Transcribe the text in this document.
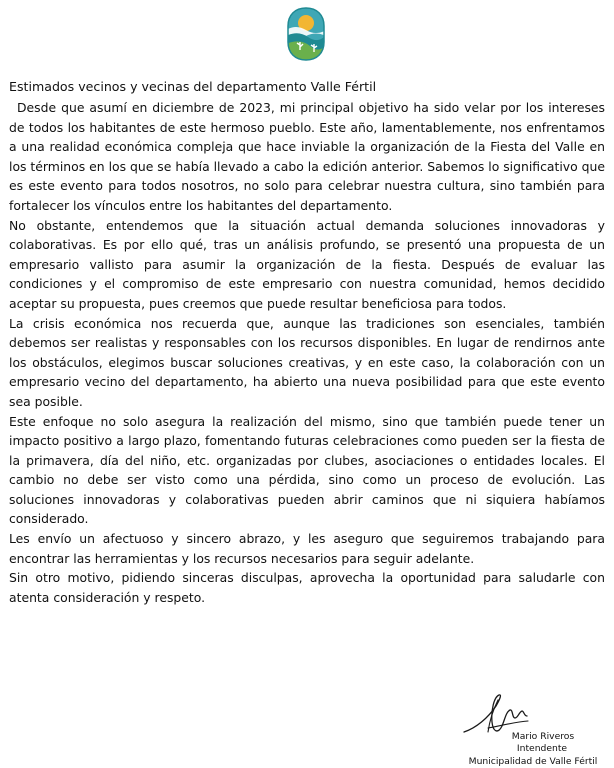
Estimados vecinos y vecinas del departamento Valle Fértil

Desde que asumí en diciembre de 2023, mi principal objetivo ha sido velar por los intereses de todos los habitantes de este hermoso pueblo. Este año, lamentablemente, nos enfrentamos a una realidad económica compleja que hace inviable la organización de la Fiesta del Valle en los términos en los que se había llevado a cabo la edición anterior. Sabemos lo significativo que es este evento para todos nosotros, no solo para celebrar nuestra cultura, sino también para fortalecer los vínculos entre los habitantes del departamento.

No obstante, entendemos que la situación actual demanda soluciones innovadoras y colaborativas. Es por ello qué, tras un análisis profundo, se presentó una propuesta de un empresario vallisto para asumir la organización de la fiesta. Después de evaluar las condiciones y el compromiso de este empresario con nuestra comunidad, hemos decidido aceptar su propuesta, pues creemos que puede resultar beneficiosa para todos.

La crisis económica nos recuerda que, aunque las tradiciones son esenciales, también debemos ser realistas y responsables con los recursos disponibles. En lugar de rendirnos ante los obstáculos, elegimos buscar soluciones creativas, y en este caso, la colaboración con un empresario vecino del departamento, ha abierto una nueva posibilidad para que este evento sea posible.

Este enfoque no solo asegura la realización del mismo, sino que también puede tener un impacto positivo a largo plazo, fomentando futuras celebraciones como pueden ser la fiesta de la primavera, día del niño, etc. organizadas por clubes, asociaciones o entidades locales. El cambio no debe ser visto como una pérdida, sino como un proceso de evolución. Las soluciones innovadoras y colaborativas pueden abrir caminos que ni siquiera habíamos considerado.

Les envío un afectuoso y sincero abrazo, y les aseguro que seguiremos trabajando para encontrar las herramientas y los recursos necesarios para seguir adelante.

Sin otro motivo, pidiendo sinceras disculpas, aprovecha la oportunidad para saludarle con atenta consideración y respeto.

Mario Riveros
Intendente
Municipalidad de Valle Fértil
